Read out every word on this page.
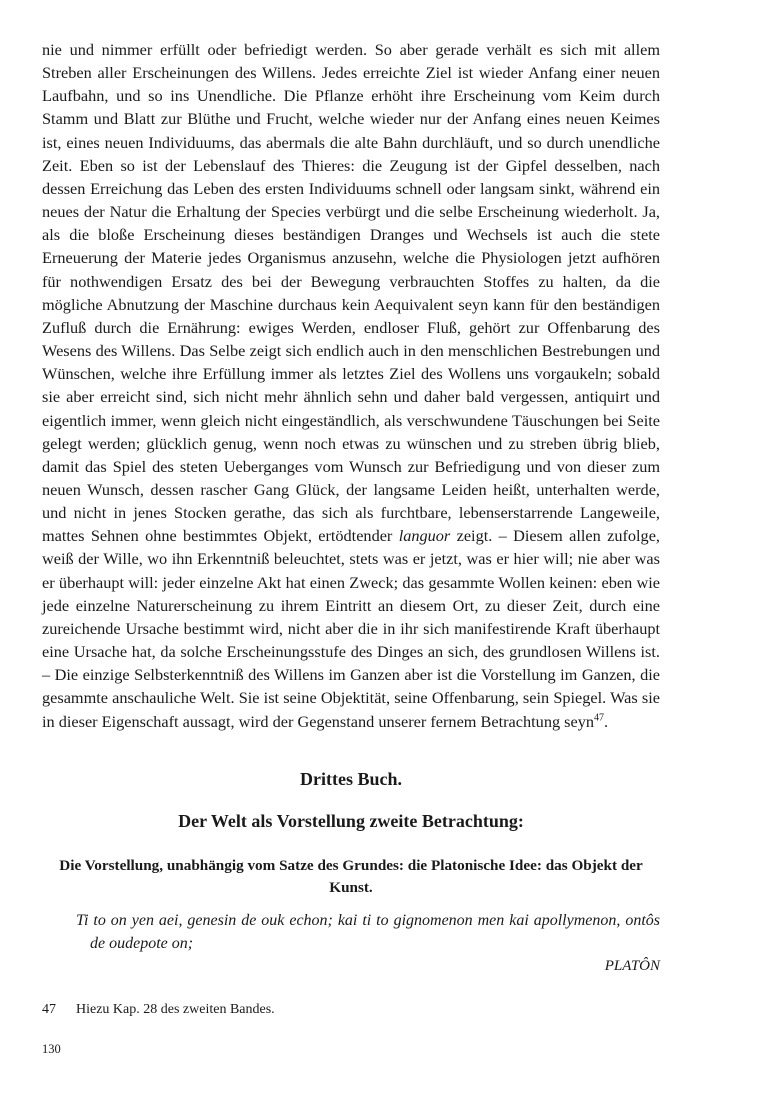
nie und nimmer erfüllt oder befriedigt werden. So aber gerade verhält es sich mit allem Streben aller Erscheinungen des Willens. Jedes erreichte Ziel ist wieder Anfang einer neuen Laufbahn, und so ins Unendliche. Die Pflanze erhöht ihre Erscheinung vom Keim durch Stamm und Blatt zur Blüthe und Frucht, welche wieder nur der Anfang eines neuen Keimes ist, eines neuen Individuums, das abermals die alte Bahn durchläuft, und so durch unendliche Zeit. Eben so ist der Lebenslauf des Thieres: die Zeugung ist der Gipfel desselben, nach dessen Erreichung das Leben des ersten Individuums schnell oder langsam sinkt, während ein neues der Natur die Erhaltung der Species verbürgt und die selbe Erscheinung wiederholt. Ja, als die bloße Erscheinung dieses beständigen Dranges und Wechsels ist auch die stete Erneuerung der Materie jedes Organismus anzusehn, welche die Physiologen jetzt aufhören für nothwendigen Ersatz des bei der Bewegung verbrauchten Stoffes zu halten, da die mögliche Abnutzung der Maschine durchaus kein Aequivalent seyn kann für den beständigen Zufluß durch die Ernährung: ewiges Werden, endloser Fluß, gehört zur Offenbarung des Wesens des Willens. Das Selbe zeigt sich endlich auch in den menschlichen Bestrebungen und Wünschen, welche ihre Erfüllung immer als letztes Ziel des Wollens uns vorgaukeln; sobald sie aber erreicht sind, sich nicht mehr ähnlich sehn und daher bald vergessen, antiquirt und eigentlich immer, wenn gleich nicht eingeständlich, als verschwundene Täuschungen bei Seite gelegt werden; glücklich genug, wenn noch etwas zu wünschen und zu streben übrig blieb, damit das Spiel des steten Ueberganges vom Wunsch zur Befriedigung und von dieser zum neuen Wunsch, dessen rascher Gang Glück, der langsame Leiden heißt, unterhalten werde, und nicht in jenes Stocken gerathe, das sich als furchtbare, lebenserstarrende Langeweile, mattes Sehnen ohne bestimmtes Objekt, ertödtender languor zeigt. – Diesem allen zufolge, weiß der Wille, wo ihn Erkenntniß beleuchtet, stets was er jetzt, was er hier will; nie aber was er überhaupt will: jeder einzelne Akt hat einen Zweck; das gesammte Wollen keinen: eben wie jede einzelne Naturerscheinung zu ihrem Eintritt an diesem Ort, zu dieser Zeit, durch eine zureichende Ursache bestimmt wird, nicht aber die in ihr sich manifestirende Kraft überhaupt eine Ursache hat, da solche Erscheinungsstufe des Dinges an sich, des grundlosen Willens ist. – Die einzige Selbsterkenntniß des Willens im Ganzen aber ist die Vorstellung im Ganzen, die gesammte anschauliche Welt. Sie ist seine Objektität, seine Offenbarung, sein Spiegel. Was sie in dieser Eigenschaft aussagt, wird der Gegenstand unserer fernem Betrachtung seyn$^{47}$.

Drittes Buch.
Der Welt als Vorstellung zweite Betrachtung:
Die Vorstellung, unabhängig vom Satze des Grundes: die Platonische Idee: das Objekt der Kunst.

Ti to on yen aei, genesin de ouk echon; kai ti to gignomenon men kai apollymenon, ontôs de oudepote on;

PLATÔN

47 Hiezu Kap. 28 des zweiten Bandes.
130
